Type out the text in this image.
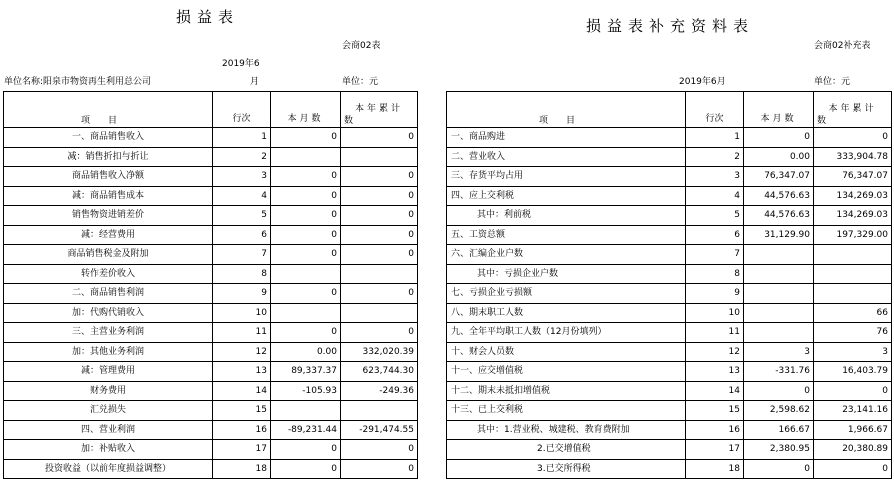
损益表
会商02表
2019年6
单位名称:阳泉市物资再生利用总公司	月	单位：元
损益表补充资料表
会商02补充表
2019年6月	单位：元
项目	行次	本月数	本年累计
数

一、商品销售收入	1	0	0
减：销售折扣与折让	2		
商品销售收入净额	3	0	0
减：商品销售成本	4	0	0
销售物资进销差价	5	0	0
减：经营费用	6	0	0
商品销售税金及附加	7	0	0
转作差价收入	8		
二、商品销售利润	9	0	0
加：代购代销收入	10		
三、主营业务利润	11	0	0
加：其他业务利润	12	0.00	332,020.39
减：管理费用	13	89,337.37	623,744.30
财务费用	14	-105.93	-249.36
汇兑损失	15		
四、营业利润	16	-89,231.44	-291,474.55
加：补贴收入	17	0	0
投资收益（以前年度损益调整）	18	0	0
项目	行次	本月数	本年累计
数

一、商品购进	1	0	0
二、营业收入	2	0.00	333,904.78
三、存货平均占用	3	76,347.07	76,347.07
四、应上交利税	4	44,576.63	134,269.03
其中：利前税	5	44,576.63	134,269.03
五、工资总额	6	31,129.90	197,329.00
六、汇编企业户数	7		
其中：亏损企业户数	8		
七、亏损企业亏损额	9		
八、期末职工人数	10		66
九、全年平均职工人数（12月份填列）	11		76
十、财会人员数	12	3	3
十一、应交增值税	13	-331.76	16,403.79
十二、期末未抵扣增值税	14	0	0
十三、已上交利税	15	2,598.62	23,141.16
其中：1.营业税、城建税、教育费附加	16	166.67	1,966.67
2.已交增值税	17	2,380.95	20,380.89
3.已交所得税	18	0	0
